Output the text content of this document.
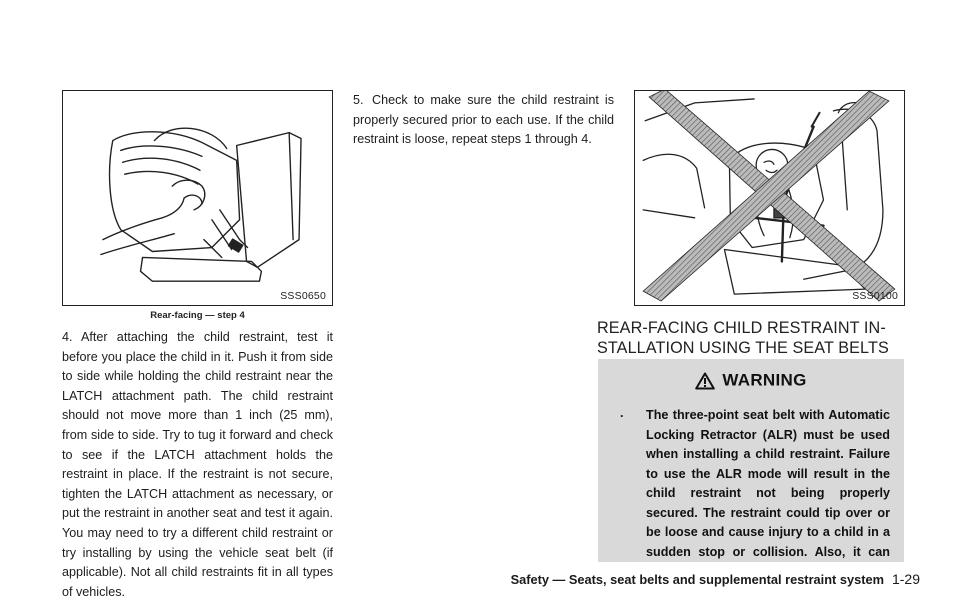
SSS0650
Rear-facing — step 4
4. After attaching the child restraint, test it before you place the child in it. Push it from side to side while holding the child restraint near the LATCH attachment path. The child restraint should not move more than 1 inch (25 mm), from side to side. Try to tug it forward and check to see if the LATCH attachment holds the restraint in place. If the restraint is not secure, tighten the LATCH attachment as necessary, or put the restraint in another seat and test it again. You may need to try a different child restraint or try installing by using the vehicle seat belt (if applicable). Not all child restraints fit in all types of vehicles.
5. Check to make sure the child restraint is properly secured prior to each use. If the child restraint is loose, repeat steps 1 through 4.
SSS0100
REAR-FACING CHILD RESTRAINT IN-
STALLATION USING THE SEAT BELTS
WARNING
. The three-point seat belt with Automatic Locking Retractor (ALR) must be used when installing a child restraint. Failure to use the ALR mode will result in the child restraint not being properly secured. The restraint could tip over or be loose and cause injury to a child in a sudden stop or collision. Also, it can
Safety — Seats, seat belts and supplemental restraint system 1-29
